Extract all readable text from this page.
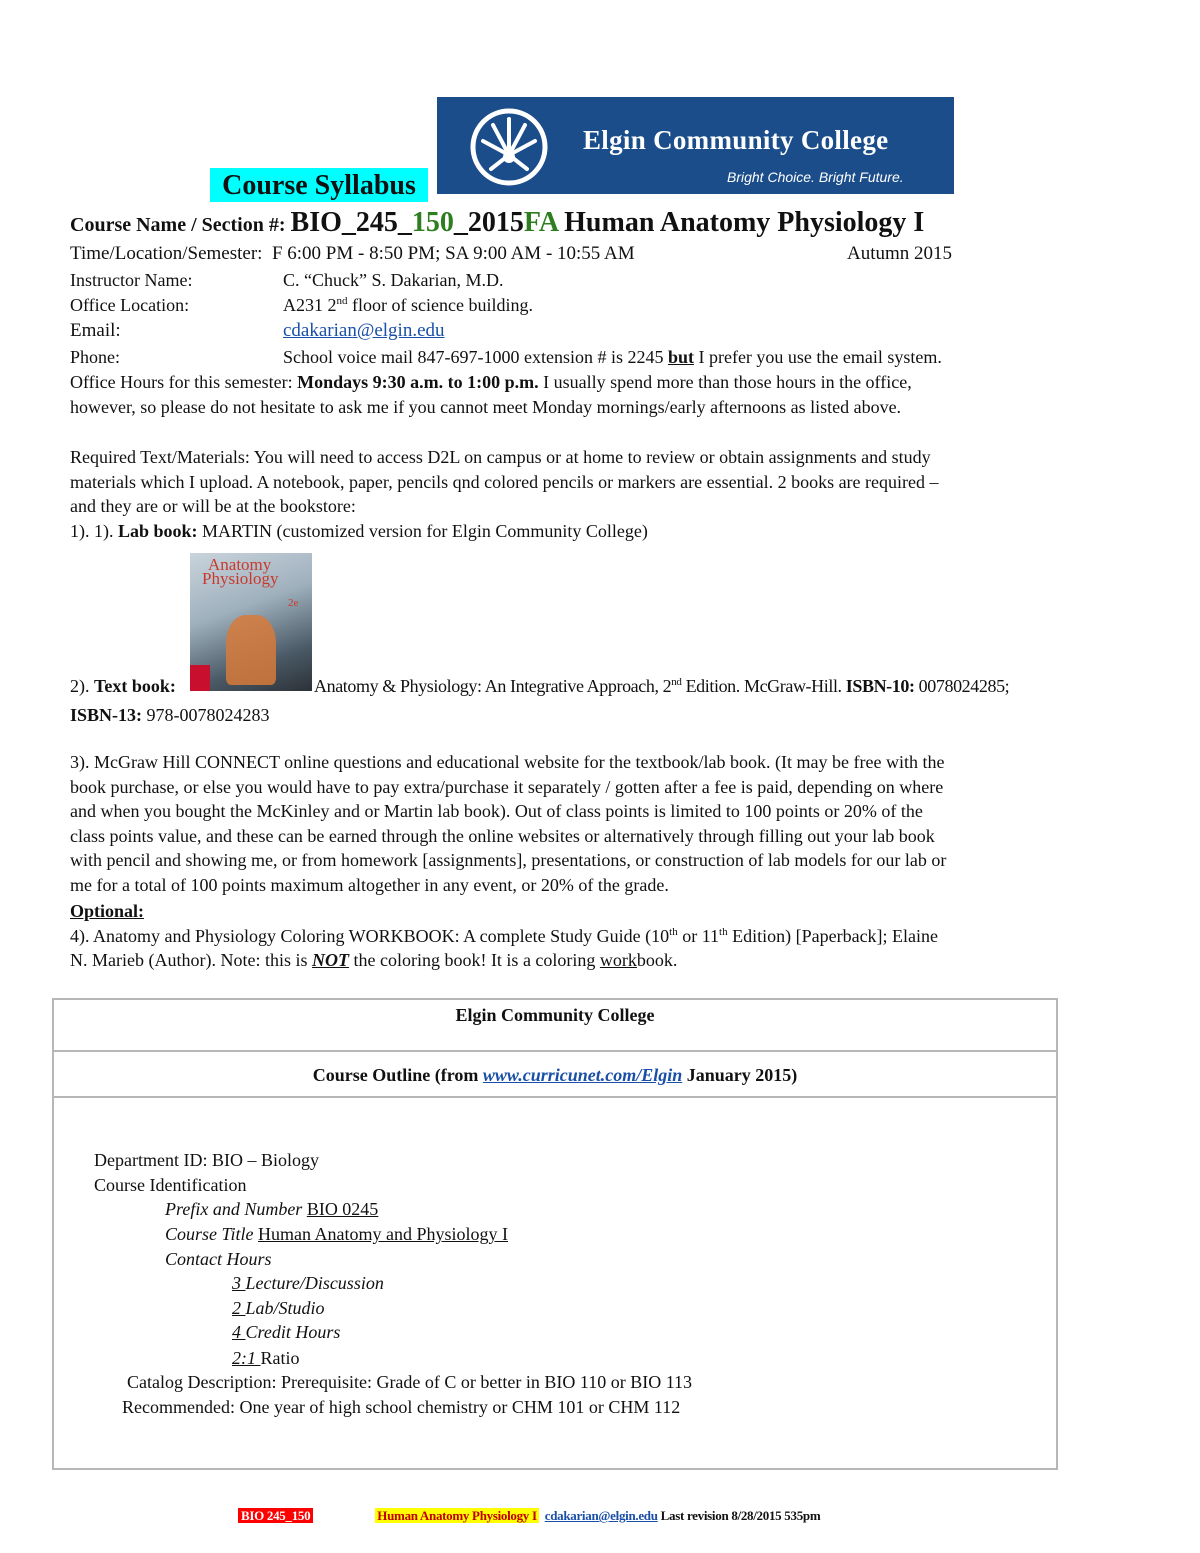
Course Syllabus
Elgin Community College
Bright Choice. Bright Future.
Course Name / Section #: BIO_245_150_2015FA Human Anatomy Physiology I
Time/Location/Semester: F 6:00 PM - 8:50 PM; SA 9:00 AM - 10:55 AM	Autumn 2015
Instructor Name:	C. “Chuck” S. Dakarian, M.D.
Office Location:	A231 2nd floor of science building.
Email:	cdakarian@elgin.edu
Phone:	School voice mail 847-697-1000 extension # is 2245 but I prefer you use the email system.
Office Hours for this semester: Mondays 9:30 a.m. to 1:00 p.m. I usually spend more than those hours in the office,
however, so please do not hesitate to ask me if you cannot meet Monday mornings/early afternoons as listed above.
Required Text/Materials: You will need to access D2L on campus or at home to review or obtain assignments and study
materials which I upload. A notebook, paper, pencils qnd colored pencils or markers are essential. 2 books are required –
and they are or will be at the bookstore:
1). 1). Lab book: MARTIN (customized version for Elgin Community College)
Anatomy
Physiology
2e
2). Text book:	Anatomy & Physiology: An Integrative Approach, 2nd Edition. McGraw-Hill. ISBN-10: 0078024285;
ISBN-13: 978-0078024283
3). McGraw Hill CONNECT online questions and educational website for the textbook/lab book. (It may be free with the
book purchase, or else you would have to pay extra/purchase it separately / gotten after a fee is paid, depending on where
and when you bought the McKinley and or Martin lab book). Out of class points is limited to 100 points or 20% of the
class points value, and these can be earned through the online websites or alternatively through filling out your lab book
with pencil and showing me, or from homework [assignments], presentations, or construction of lab models for our lab or
me for a total of 100 points maximum altogether in any event, or 20% of the grade.
Optional:
4). Anatomy and Physiology Coloring WORKBOOK: A complete Study Guide (10th or 11th Edition) [Paperback]; Elaine
N. Marieb (Author). Note: this is NOT the coloring book! It is a coloring workbook.
Elgin Community College
Course Outline (from www.curricunet.com/Elgin January 2015)
Department ID: BIO – Biology
Course Identification
Prefix and Number BIO 0245
Course Title Human Anatomy and Physiology I
Contact Hours
3 Lecture/Discussion
2 Lab/Studio
4 Credit Hours
2:1 Ratio
Catalog Description: Prerequisite: Grade of C or better in BIO 110 or BIO 113
Recommended: One year of high school chemistry or CHM 101 or CHM 112
BIO 245_150	Human Anatomy Physiology I cdakarian@elgin.edu Last revision 8/28/2015 535pm
